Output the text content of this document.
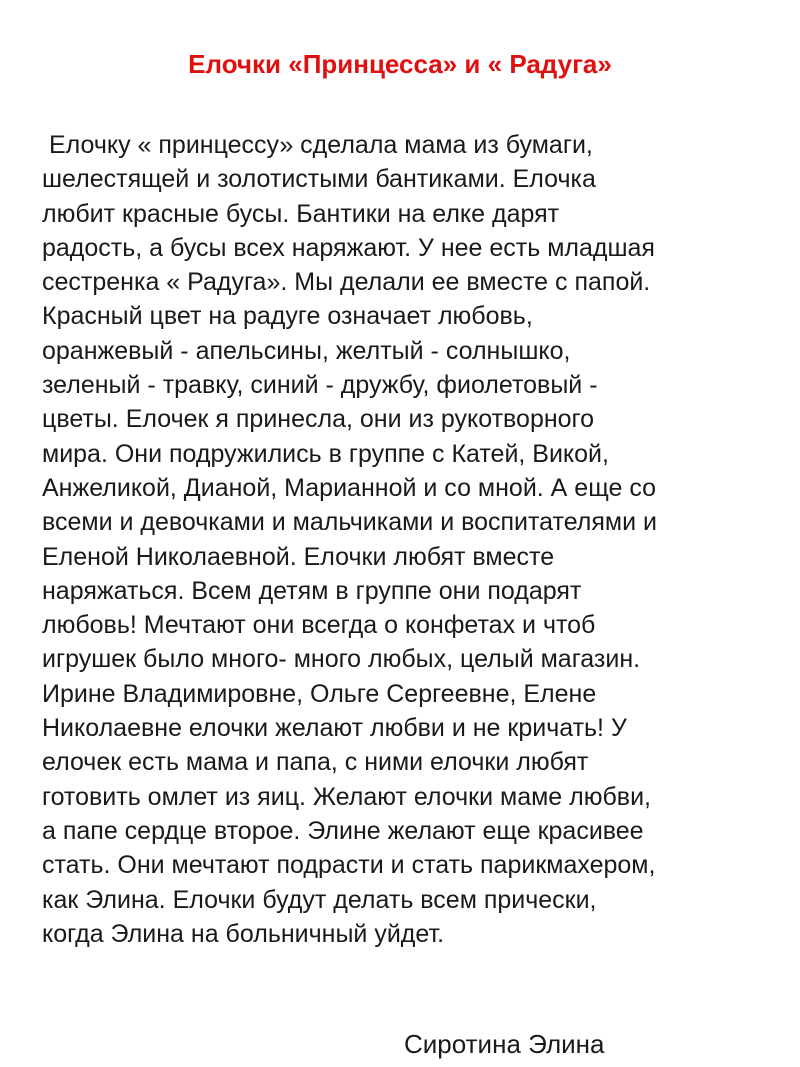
Елочки «Принцесса» и « Радуга»
Елочку « принцессу» сделала мама из бумаги,
шелестящей и золотистыми бантиками. Елочка
любит красные бусы. Бантики на елке дарят
радость, а бусы всех наряжают. У нее есть младшая
сестренка « Радуга». Мы делали ее вместе с папой.
Красный цвет на радуге означает любовь,
оранжевый - апельсины, желтый - солнышко,
зеленый - травку, синий - дружбу, фиолетовый -
цветы. Елочек я принесла, они из рукотворного
мира. Они подружились в группе с Катей, Викой,
Анжеликой, Дианой, Марианной и со мной. А еще со
всеми и девочками и мальчиками и воспитателями и
Еленой Николаевной. Елочки любят вместе
наряжаться. Всем детям в группе они подарят
любовь! Мечтают они всегда о конфетах и чтоб
игрушек было много- много любых, целый магазин.
Ирине Владимировне, Ольге Сергеевне, Елене
Николаевне елочки желают любви и не кричать! У
елочек есть мама и папа, с ними елочки любят
готовить омлет из яиц. Желают елочки маме любви,
а папе сердце второе. Элине желают еще красивее
стать. Они мечтают подрасти и стать парикмахером,
как Элина. Елочки будут делать всем прически,
когда Элина на больничный уйдет.

Сиротина Элина
